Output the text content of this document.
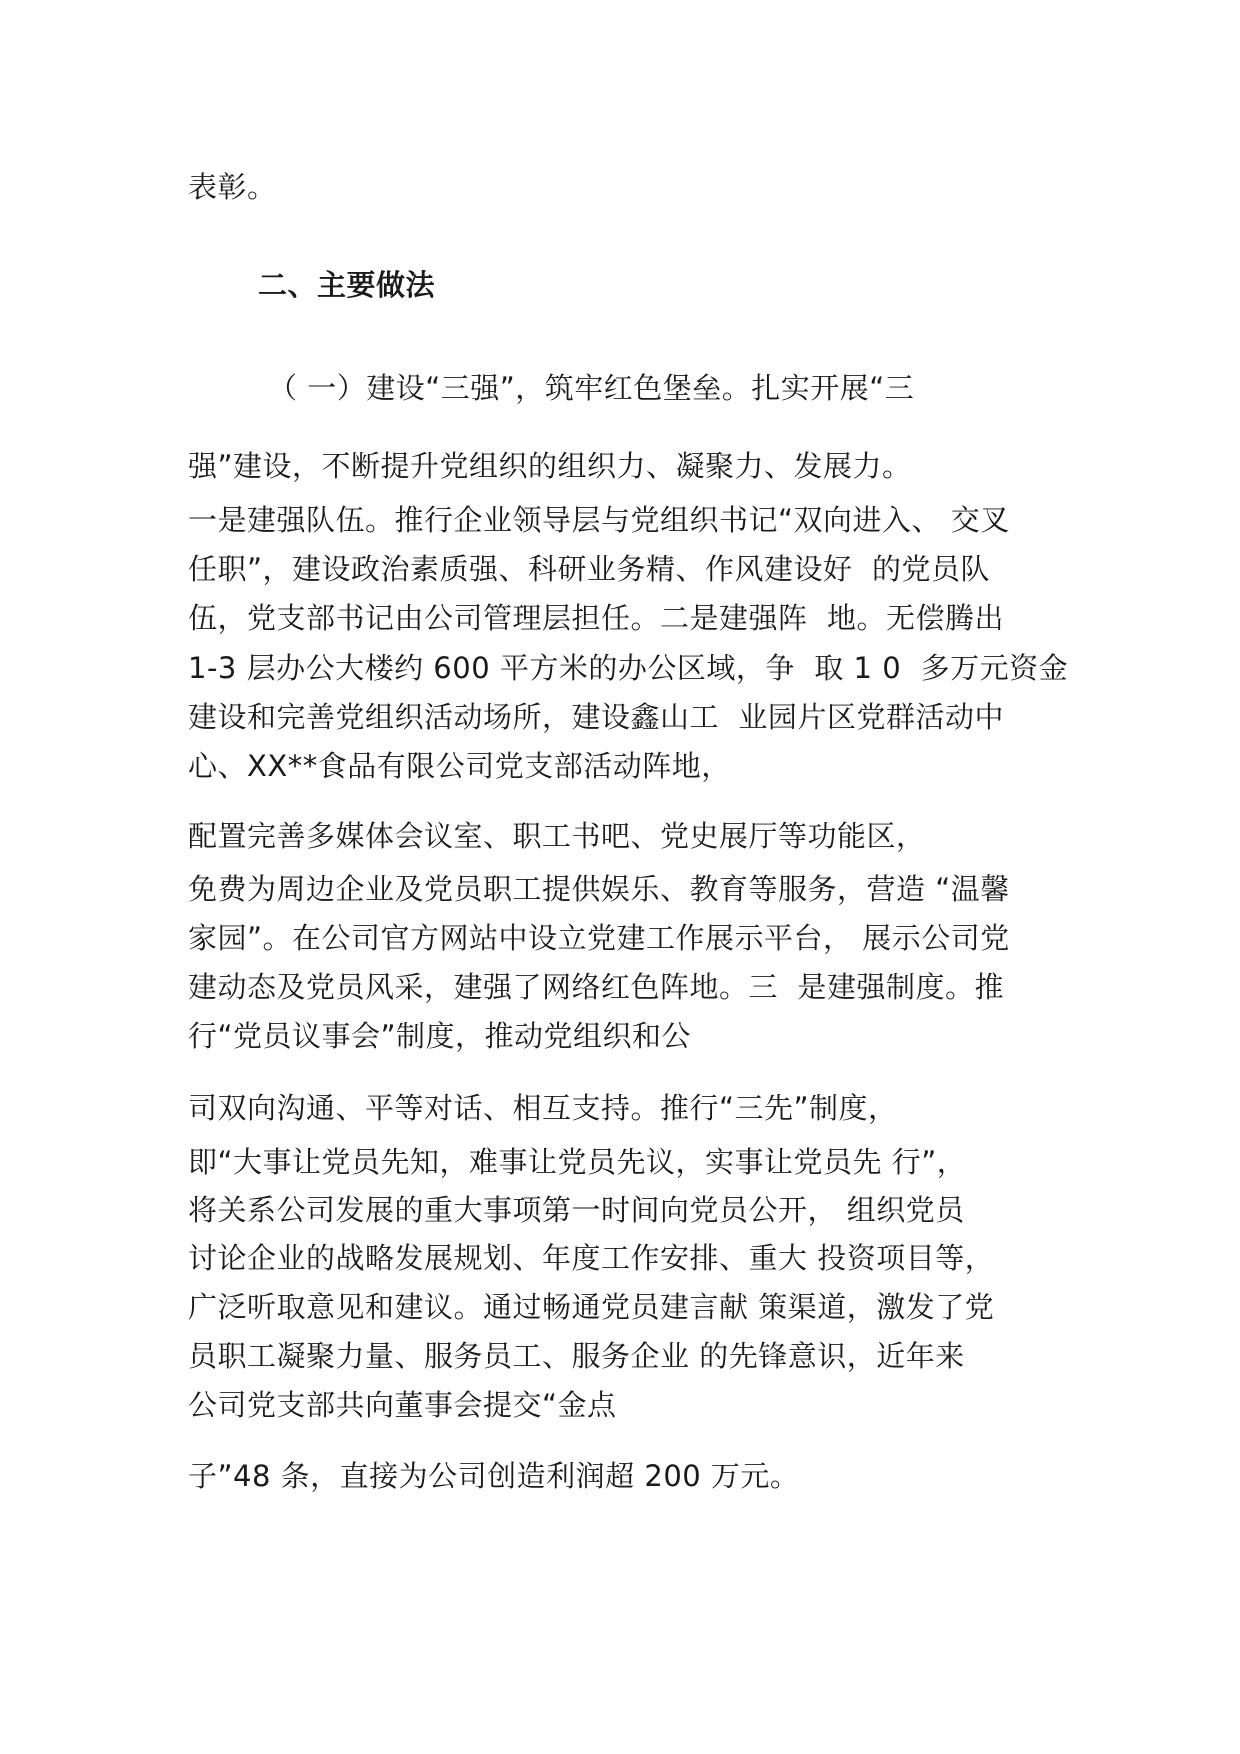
表彰。
二、主要做法
（ 一）建设“三强”，筑牢红色堡垒。扎实开展“三
强”建设，不断提升党组织的组织力、凝聚力、发展力。
一是建强队伍。推行企业领导层与党组织书记“双向进入、 交叉
任职”，建设政治素质强、科研业务精、作风建设好  的党员队
伍，党支部书记由公司管理层担任。二是建强阵  地。无偿腾出
1-3 层办公大楼约 600 平方米的办公区域，争  取 1 0  多万元资金
建设和完善党组织活动场所，建设鑫山工  业园片区党群活动中
心、XX**食品有限公司党支部活动阵地，
配置完善多媒体会议室、职工书吧、党史展厅等功能区，
免费为周边企业及党员职工提供娱乐、教育等服务，营造 “温馨
家园”。在公司官方网站中设立党建工作展示平台， 展示公司党
建动态及党员风采，建强了网络红色阵地。三  是建强制度。推
行“党员议事会”制度，推动党组织和公
司双向沟通、平等对话、相互支持。推行“三先”制度，
即“大事让党员先知，难事让党员先议，实事让党员先 行”，
将关系公司发展的重大事项第一时间向党员公开， 组织党员
讨论企业的战略发展规划、年度工作安排、重大 投资项目等，
广泛听取意见和建议。通过畅通党员建言献 策渠道，激发了党
员职工凝聚力量、服务员工、服务企业 的先锋意识，近年来
公司党支部共向董事会提交“金点
子”48 条，直接为公司创造利润超 200 万元。
